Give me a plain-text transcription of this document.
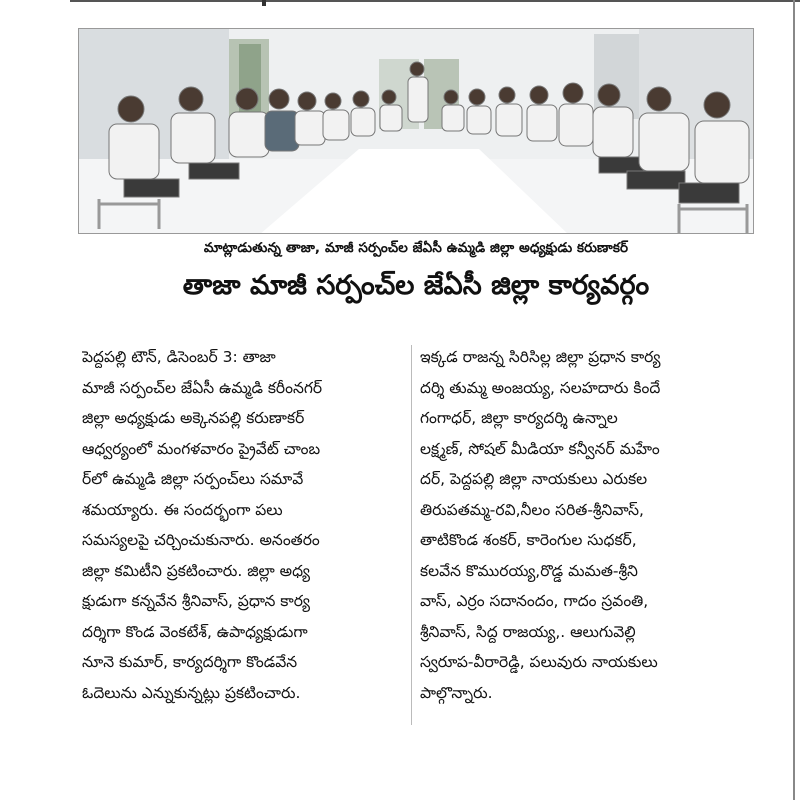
మాట్లాడుతున్న తాజా, మాజీ సర్పంచ్‌ల జేఏసీ ఉమ్మడి జిల్లా అధ్యక్షుడు కరుణాకర్
తాజా మాజీ సర్పంచ్‌ల జేఏసీ జిల్లా కార్యవర్గం
పెద్దపల్లి టౌన్, డిసెంబర్ 3: తాజా
మాజీ సర్పంచ్‌ల జేఏసీ ఉమ్మడి కరీంనగర్
జిల్లా అధ్యక్షుడు అక్కెనపల్లి కరుణాకర్
ఆధ్వర్యంలో మంగళవారం ప్రైవేట్ చాంబ
ర్‌లో ఉమ్మడి జిల్లా సర్పంచ్‌లు సమావే
శమయ్యారు. ఈ సందర్భంగా పలు
సమస్యలపై చర్చించుకునారు. అనంతరం
జిల్లా కమిటీని ప్రకటించారు. జిల్లా అధ్య
క్షుడుగా కన్నవేన శ్రీనివాస్, ప్రధాన కార్య
దర్శిగా కొండ వెంకటేశ్, ఉపాధ్యక్షుడుగా
నూనె కుమార్, కార్యదర్శిగా కొండవేన
ఓదెలును ఎన్నుకున్నట్లు ప్రకటించారు.
ఇక్కడ రాజన్న సిరిసిల్ల జిల్లా ప్రధాన కార్య
దర్శి తుమ్మ అంజయ్య, సలహదారు కిందే
గంగాధర్, జిల్లా కార్యదర్శి ఉన్నాల
లక్ష్మణ్, సోషల్ మీడియా కన్వీనర్ మహేం
దర్, పెద్దపల్లి జిల్లా నాయకులు ఎరుకల
తిరుపతమ్మ-రవి,నీలం సరిత-శ్రీనివాస్,
తాటికొండ శంకర్, కారెంగుల సుధకర్,
కలవేన కొమురయ్య,రొడ్డ మమత-శ్రీని
వాస్, ఎర్రం సదానందం, గాదం స్రవంతి,
శ్రీనివాస్, సిద్ద రాజయ్య,. ఆలుగువెల్లి
స్వరూప-వీరారెడ్డి, పలువురు నాయకులు
పాల్గొన్నారు.
